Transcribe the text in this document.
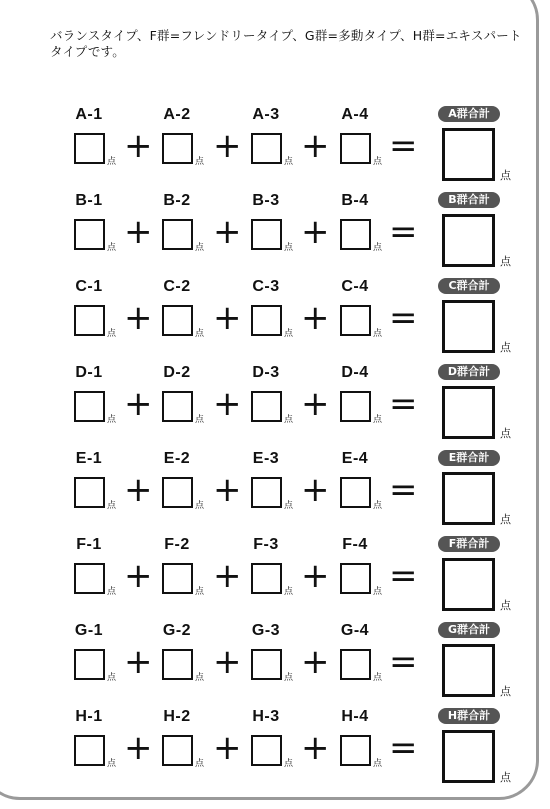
バランスタイプ、F群=フレンドリータイプ、G群=多動タイプ、H群=エキスパートタイプです。

A-1
点 +
A-2
点 +
A-3
点 +
A-4
点 =
A群合計
点
B-1
点 +
B-2
点 +
B-3
点 +
B-4
点 =
B群合計
点
C-1
点 +
C-2
点 +
C-3
点 +
C-4
点 =
C群合計
点
D-1
点 +
D-2
点 +
D-3
点 +
D-4
点 =
D群合計
点
E-1
点 +
E-2
点 +
E-3
点 +
E-4
点 =
E群合計
点
F-1
点 +
F-2
点 +
F-3
点 +
F-4
点 =
F群合計
点
G-1
点 +
G-2
点 +
G-3
点 +
G-4
点 =
G群合計
点
H-1
点 +
H-2
点 +
H-3
点 +
H-4
点 =
H群合計
点
